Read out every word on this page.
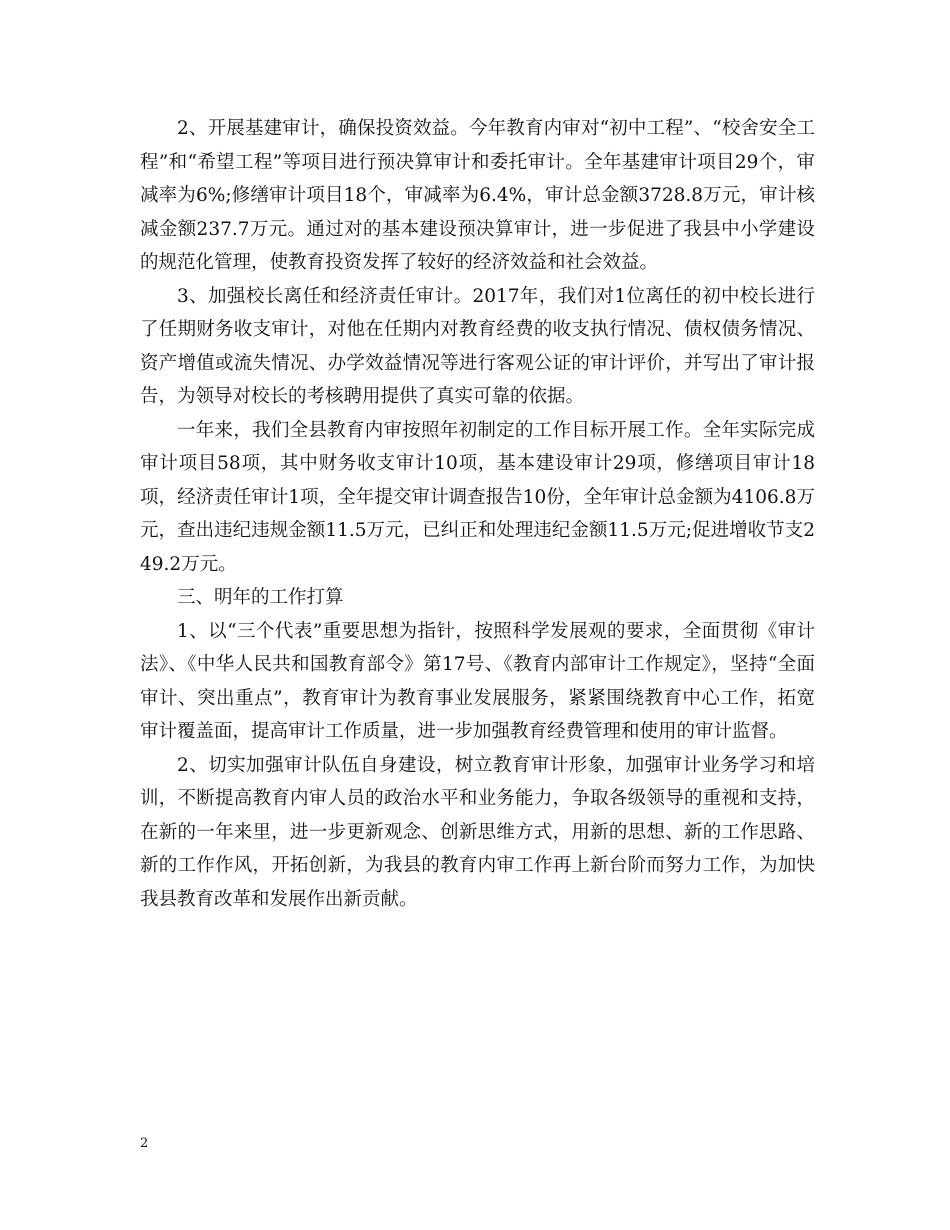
2、开展基建审计，确保投资效益。今年教育内审对“初中工程”、“校舍安全工程”和“希望工程”等项目进行预决算审计和委托审计。全年基建审计项目29个，审减率为6%;修缮审计项目18个，审减率为6.4%，审计总金额3728.8万元，审计核减金额237.7万元。通过对的基本建设预决算审计，进一步促进了我县中小学建设的规范化管理，使教育投资发挥了较好的经济效益和社会效益。

3、加强校长离任和经济责任审计。2017年，我们对1位离任的初中校长进行了任期财务收支审计，对他在任期内对教育经费的收支执行情况、债权债务情况、资产增值或流失情况、办学效益情况等进行客观公证的审计评价，并写出了审计报告，为领导对校长的考核聘用提供了真实可靠的依据。

一年来，我们全县教育内审按照年初制定的工作目标开展工作。全年实际完成审计项目58项，其中财务收支审计10项，基本建设审计29项，修缮项目审计18项，经济责任审计1项，全年提交审计调查报告10份，全年审计总金额为4106.8万元，查出违纪违规金额11.5万元，已纠正和处理违纪金额11.5万元;促进增收节支249.2万元。

三、明年的工作打算

1、以“三个代表”重要思想为指针，按照科学发展观的要求，全面贯彻《审计法》、《中华人民共和国教育部令》第17号、《教育内部审计工作规定》，坚持“全面审计、突出重点”，教育审计为教育事业发展服务，紧紧围绕教育中心工作，拓宽审计覆盖面，提高审计工作质量，进一步加强教育经费管理和使用的审计监督。

2、切实加强审计队伍自身建设，树立教育审计形象，加强审计业务学习和培训，不断提高教育内审人员的政治水平和业务能力，争取各级领导的重视和支持，在新的一年来里，进一步更新观念、创新思维方式，用新的思想、新的工作思路、新的工作作风，开拓创新，为我县的教育内审工作再上新台阶而努力工作，为加快我县教育改革和发展作出新贡献。

2
